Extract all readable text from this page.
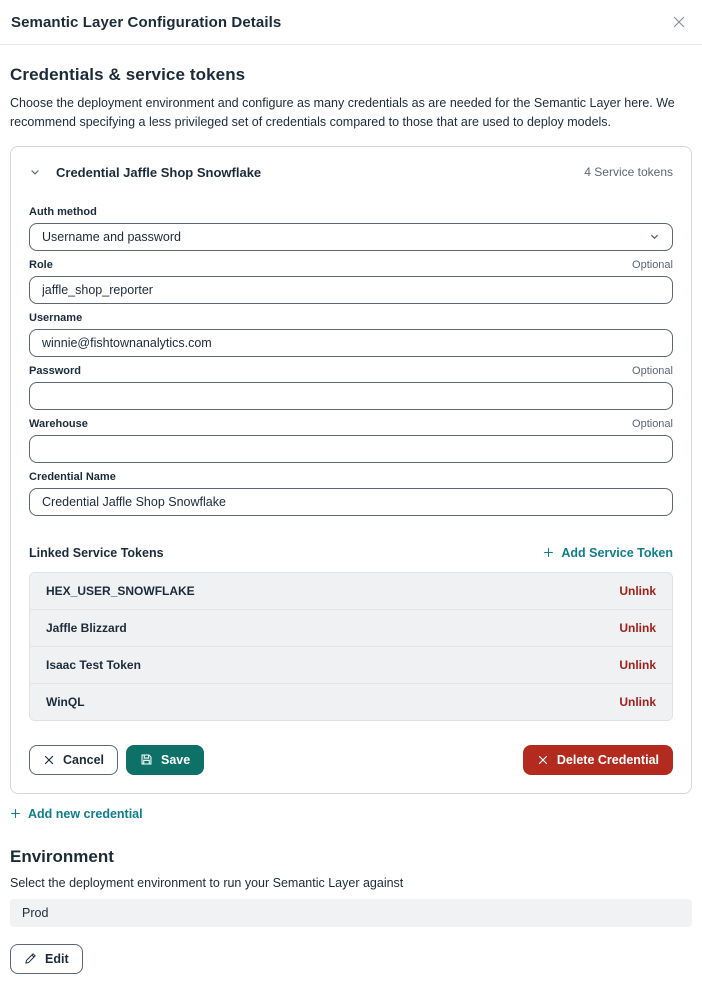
Semantic Layer Configuration Details
Credentials & service tokens

Choose the deployment environment and configure as many credentials as are needed for the Semantic Layer here. We recommend specifying a less privileged set of credentials compared to those that are used to deploy models.

Credential Jaffle Shop Snowflake	4 Service tokens
Auth method
Username and password
Role	Optional
jaffle_shop_reporter
Username
winnie@fishtownanalytics.com
Password	Optional
Warehouse	Optional
Credential Name
Credential Jaffle Shop Snowflake
Linked Service Tokens	Add Service Token
HEX_USER_SNOWFLAKE	Unlink
Jaffle Blizzard	Unlink
Isaac Test Token	Unlink
WinQL	Unlink
Cancel	Save	Delete Credential
Add new credential
Environment

Select the deployment environment to run your Semantic Layer against

Prod
Edit
